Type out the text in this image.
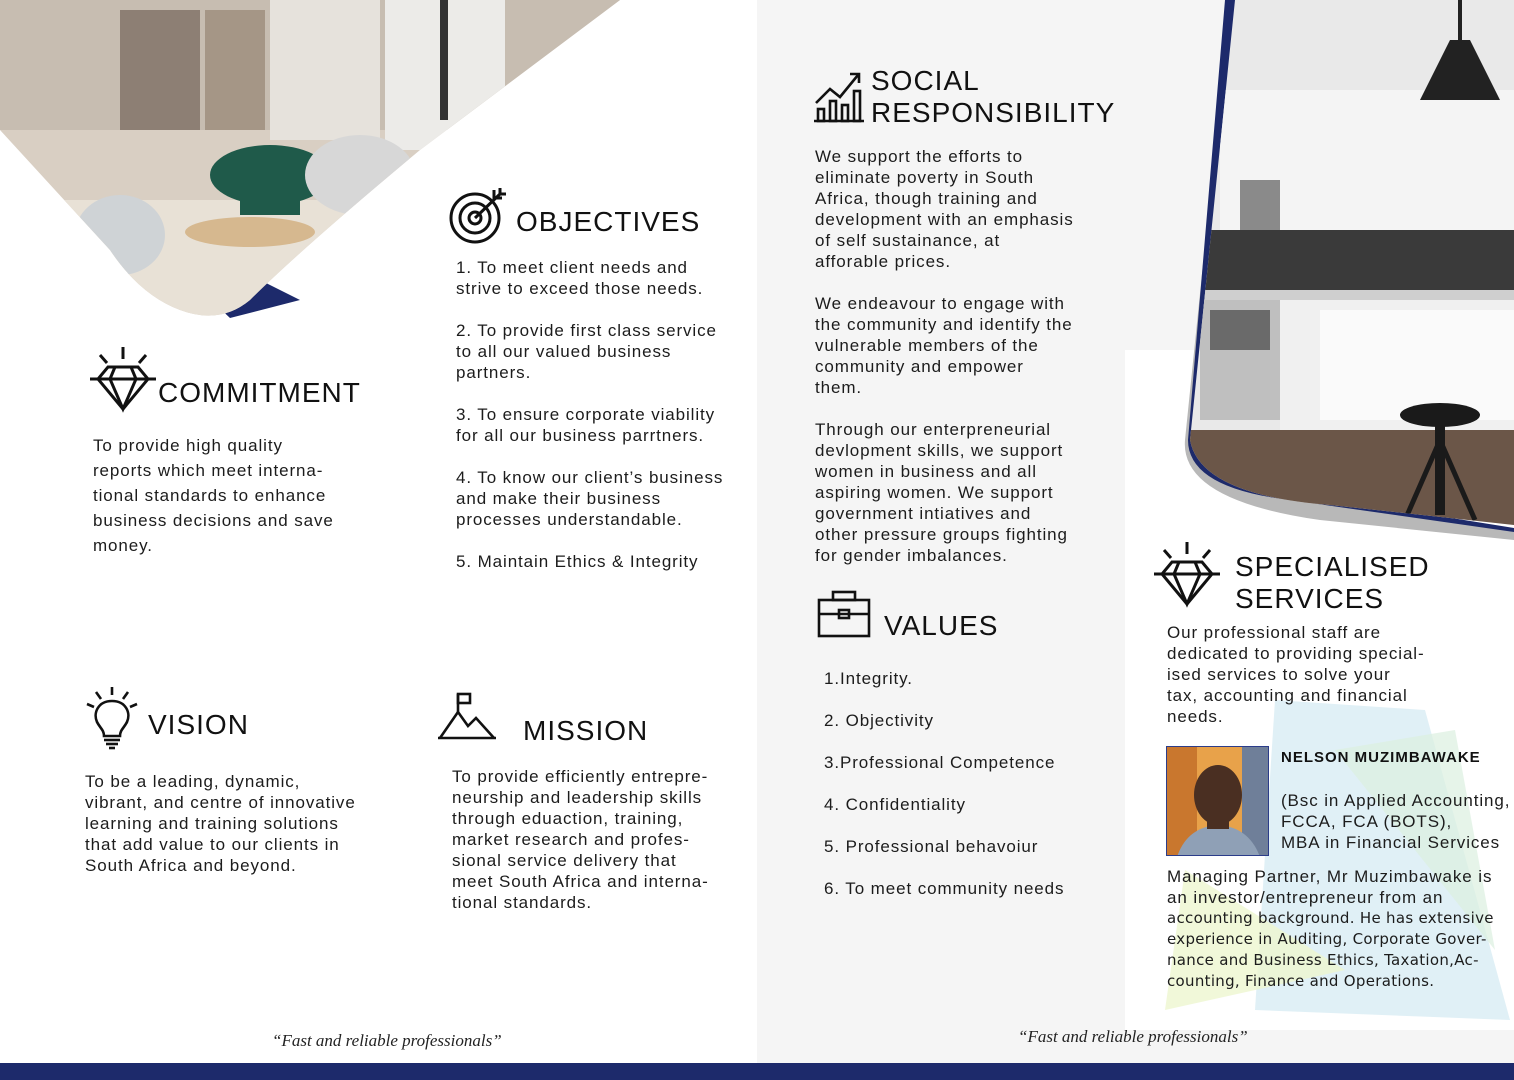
COMMITMENT

To provide high quality

reports which meet interna-

tional standards to enhance

business decisions and save

money.

OBJECTIVES

1. To meet client needs and

strive to exceed those needs.

2. To provide first class service

to all our valued business

partners.

3. To ensure corporate viability

for all our business parrtners.

4. To know our client’s business

and make their business

processes understandable.

5. Maintain Ethics & Integrity

VISION

To be a leading, dynamic,

vibrant, and centre of innovative

learning and training solutions

that add value to our clients in

South Africa and beyond.

MISSION

To provide efficiently entrepre-

neurship and leadership skills

through eduaction, training,

market research and profes-

sional service delivery that

meet South Africa and interna-

tional standards.

SOCIAL
RESPONSIBILITY

We support the efforts to

eliminate poverty in South

Africa, though training and

development with an emphasis

of self sustainance, at

afforable prices.

We endeavour to engage with

the community and identify the

vulnerable members of the

community and empower

them.

Through our enterpreneurial

devlopment skills, we support

women in business and all

aspiring women. We support

government intiatives and

other pressure groups fighting

for gender imbalances.

VALUES

1.Integrity.

2. Objectivity

3.Professional Competence

4. Confidentiality

5. Professional behavoiur

6. To meet community needs

SPECIALISED
SERVICES

Our professional staff are

dedicated to providing special-

ised services to solve your

tax, accounting and financial

needs.

NELSON MUZIMBAWAKE

(Bsc in Applied Accounting,

FCCA, FCA (BOTS),

MBA in Financial Services

Managing Partner, Mr Muzimbawake is

an investor/entrepreneur from an

accounting background. He has extensive

experience in Auditing, Corporate Gover-

nance and Business Ethics, Taxation,Ac-

counting, Finance and Operations.

“Fast and reliable professionals”	“Fast and reliable professionals”
